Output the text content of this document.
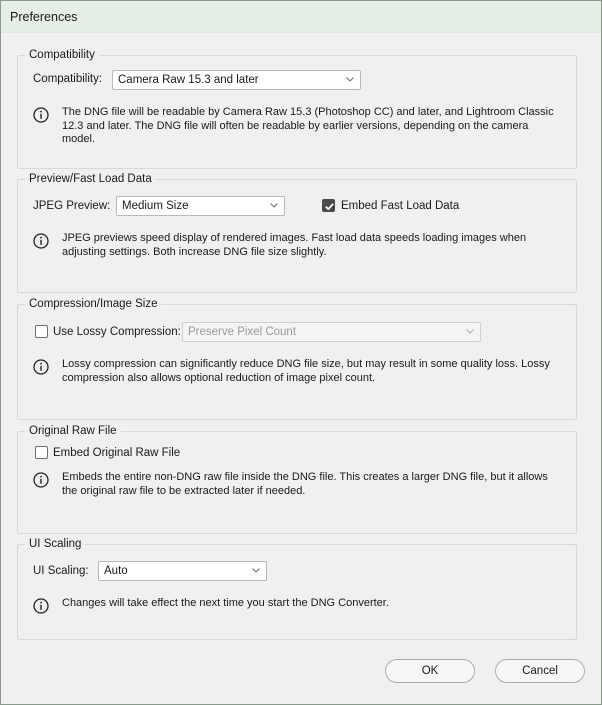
Preferences
Compatibility
Compatibility: Camera Raw 15.3 and later
The DNG file will be readable by Camera Raw 15.3 (Photoshop CC) and later, and Lightroom Classic 12.3 and later. The DNG file will often be readable by earlier versions, depending on the camera model.
Preview/Fast Load Data
JPEG Preview: Medium Size	Embed Fast Load Data
JPEG previews speed display of rendered images. Fast load data speeds loading images when adjusting settings. Both increase DNG file size slightly.
Compression/Image Size
Use Lossy Compression: Preserve Pixel Count
Lossy compression can significantly reduce DNG file size, but may result in some quality loss. Lossy compression also allows optional reduction of image pixel count.
Original Raw File
Embed Original Raw File
Embeds the entire non-DNG raw file inside the DNG file. This creates a larger DNG file, but it allows the original raw file to be extracted later if needed.
UI Scaling
UI Scaling: Auto
Changes will take effect the next time you start the DNG Converter.
OK	Cancel
